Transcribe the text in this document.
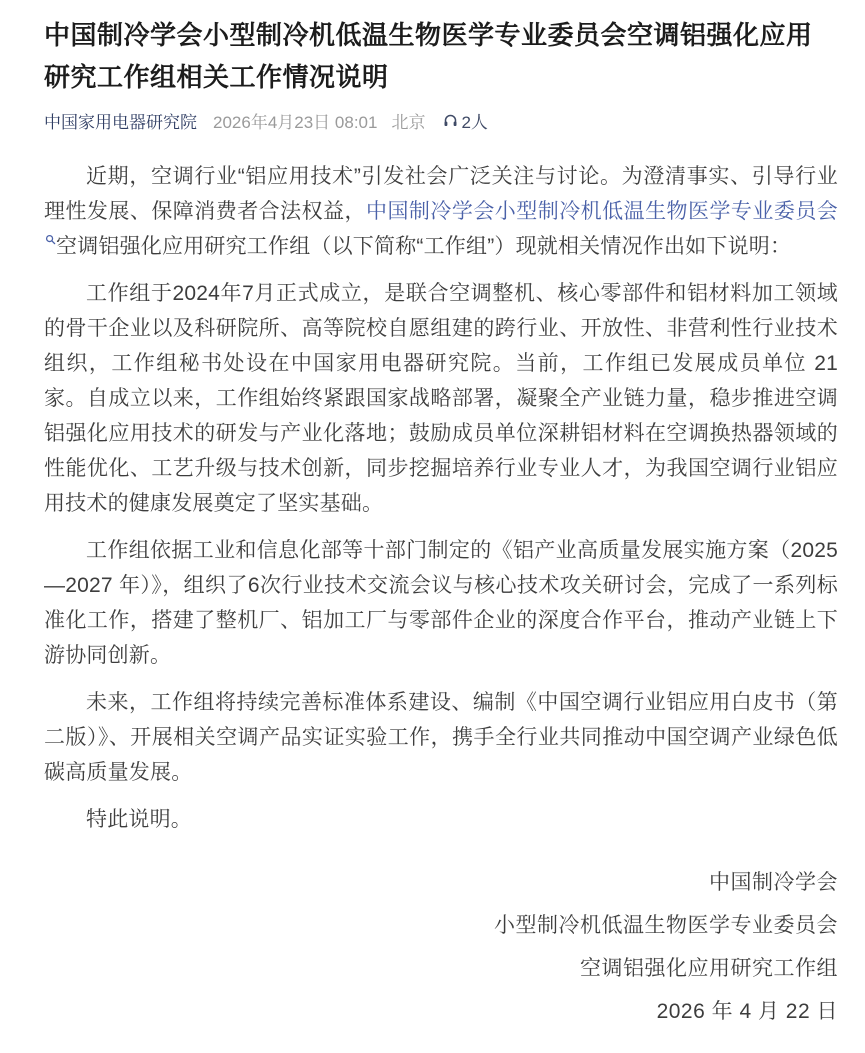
中国制冷学会小型制冷机低温生物医学专业委员会空调铝强化应用研究工作组相关工作情况说明
中国家用电器研究院 2026年4月23日 08:01 北京 2人

近期，空调行业“铝应用技术”引发社会广泛关注与讨论。为澄清事实、引导行业理性发展、保障消费者合法权益，中国制冷学会小型制冷机低温生物医学专业委员会空调铝强化应用研究工作组（以下简称“工作组”）现就相关情况作出如下说明：

工作组于2024年7月正式成立，是联合空调整机、核心零部件和铝材料加工领域的骨干企业以及科研院所、高等院校自愿组建的跨行业、开放性、非营利性行业技术组织，工作组秘书处设在中国家用电器研究院。当前，工作组已发展成员单位 21 家。自成立以来，工作组始终紧跟国家战略部署，凝聚全产业链力量，稳步推进空调铝强化应用技术的研发与产业化落地；鼓励成员单位深耕铝材料在空调换热器领域的性能优化、工艺升级与技术创新，同步挖掘培养行业专业人才，为我国空调行业铝应用技术的健康发展奠定了坚实基础。

工作组依据工业和信息化部等十部门制定的《铝产业高质量发展实施方案（2025—2027 年）》，组织了6次行业技术交流会议与核心技术攻关研讨会，完成了一系列标准化工作，搭建了整机厂、铝加工厂与零部件企业的深度合作平台，推动产业链上下游协同创新。

未来，工作组将持续完善标准体系建设、编制《中国空调行业铝应用白皮书（第二版）》、开展相关空调产品实证实验工作，携手全行业共同推动中国空调产业绿色低碳高质量发展。

特此说明。

中国制冷学会
小型制冷机低温生物医学专业委员会
空调铝强化应用研究工作组
2026 年 4 月 22 日
